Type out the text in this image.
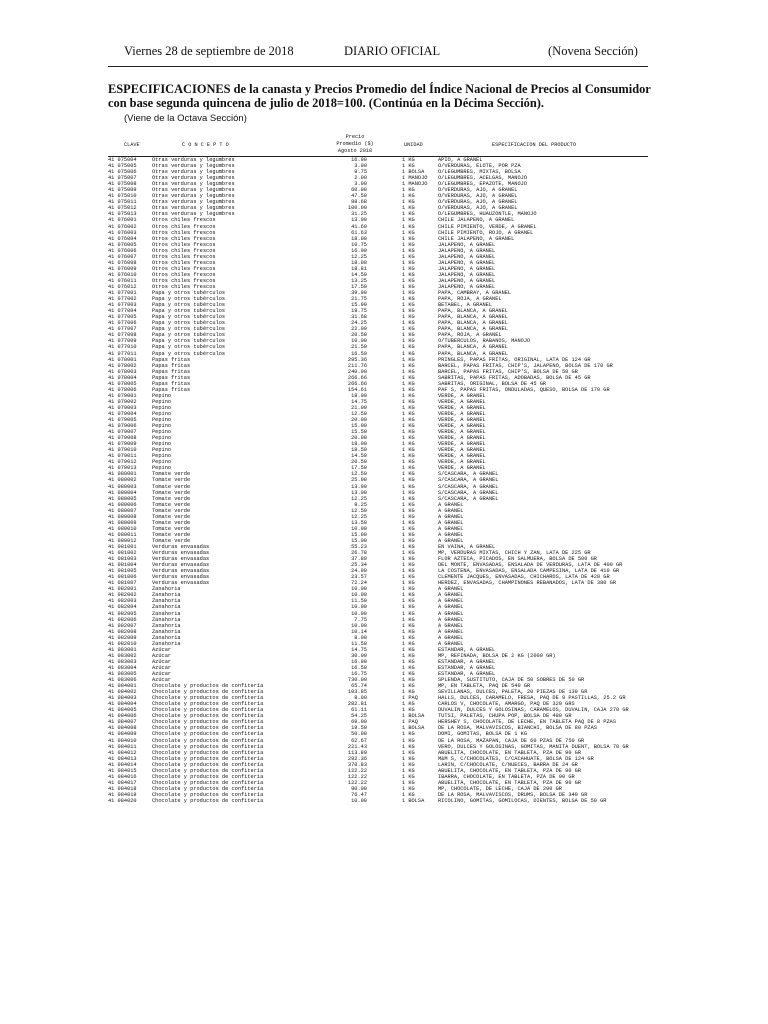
Viernes 28 de septiembre de 2018	DIARIO OFICIAL	(Novena Sección)
ESPECIFICACIONES de la canasta y Precios Promedio del Índice Nacional de Precios al Consumidor con base segunda quincena de julio de 2018=100. (Continúa en la Décima Sección).
(Viene de la Octava Sección)
CLAVE	C O N C E P T O
Precio
Promedio ($)
Agosto 2018
UNIDAD	ESPECIFICACION DEL PRODUCTO
41 075004	Otras verduras y legumbres	16.90	1 KG	APIO, A GRANEL
41 075005	Otras verduras y legumbres	3.00	1 KG	O/VERDURAS, ELOTE, POR PZA
41 075006	Otras verduras y legumbres	9.75	1 BOLSA	O/LEGUMBRES, MIXTAS, BOLSA
41 075007	Otras verduras y legumbres	2.00	1 MANOJO	O/LEGUMBRES, ACELGAS, MANOJO
41 075008	Otras verduras y legumbres	3.00	1 MANOJO	O/LEGUMBRES, EPAZOTE, MANOJO
41 075009	Otras verduras y legumbres	60.00	1 KG	O/VERDURAS, AJO, A GRANEL
41 075010	Otras verduras y legumbres	47.50	1 KG	O/VERDURAS, AJO, A GRANEL
41 075011	Otras verduras y legumbres	88.68	1 KG	O/VERDURAS, AJO, A GRANEL
41 075012	Otras verduras y legumbres	100.00	1 KG	O/VERDURAS, AJO, A GRANEL
41 075013	Otras verduras y legumbres	31.25	1 KG	O/LEGUMBRES, HUAUZONTLE, MANOJO
41 076001	Otros chiles frescos	13.00	1 KG	CHILE JALAPEÑO, A GRANEL
41 076002	Otros chiles frescos	41.60	1 KG	CHILE PIMIENTO, VERDE, A GRANEL
41 076003	Otros chiles frescos	61.63	1 KG	CHILE PIMIENTO, ROJO, A GRANEL
41 076004	Otros chiles frescos	18.00	1 KG	CHILE JALAPEÑO, A GRANEL
41 076005	Otros chiles frescos	10.75	1 KG	JALAPEÑO, A GRANEL
41 076006	Otros chiles frescos	16.00	1 KG	JALAPEÑO, A GRANEL
41 076007	Otros chiles frescos	12.25	1 KG	JALAPEÑO, A GRANEL
41 076008	Otros chiles frescos	18.00	1 KG	JALAPEÑO, A GRANEL
41 076009	Otros chiles frescos	18.81	1 KG	JALAPEÑO, A GRANEL
41 076010	Otros chiles frescos	14.50	1 KG	JALAPEÑO, A GRANEL
41 076011	Otros chiles frescos	13.25	1 KG	JALAPEÑO, A GRANEL
41 076012	Otros chiles frescos	17.50	1 KG	JALAPEÑO, A GRANEL
41 077001	Papa y otros tubérculos	39.90	1 KG	PAPA, CAMBRAY, A GRANEL
41 077002	Papa y otros tubérculos	21.75	1 KG	PAPA, ROJA, A GRANEL
41 077003	Papa y otros tubérculos	15.90	1 KG	BETABEL, A GRANEL
41 077004	Papa y otros tubérculos	19.75	1 KG	PAPA, BLANCA, A GRANEL
41 077005	Papa y otros tubérculos	31.68	1 KG	PAPA, BLANCA, A GRANEL
41 077006	Papa y otros tubérculos	24.25	1 KG	PAPA, BLANCA, A GRANEL
41 077007	Papa y otros tubérculos	22.00	1 KG	PAPA, BLANCA, A GRANEL
41 077008	Papa y otros tubérculos	20.50	1 KG	PAPA, ROJA, A GRANEL
41 077009	Papa y otros tubérculos	10.00	1 KG	O/TUBERCULOS, RABANOS, MANOJO
41 077010	Papa y otros tubérculos	21.50	1 KG	PAPA, BLANCA, A GRANEL
41 077011	Papa y otros tubérculos	16.50	1 KG	PAPA, BLANCA, A GRANEL
41 078001	Papas fritas	295.36	1 KG	PRINGLES, PAPAS FRITAS, ORIGINAL, LATA DE 124 GR
41 078002	Papas fritas	211.76	1 KG	BARCEL, PAPAS FRITAS, CHIP'S, JALAPEÑO, BOLSA DE 170 GR
41 078003	Papas fritas	240.00	1 KG	BARCEL, PAPAS FRITAS, CHIP'S, BOLSA DE 50 GR
41 078004	Papas fritas	266.66	1 KG	SABRITAS, PAPAS FRITAS, ADOBADAS, BOLSA DE 45 GR
41 078005	Papas fritas	266.66	1 KG	SABRITAS, ORIGINAL, BOLSA DE 45 GR
41 078006	Papas fritas	154.61	1 KG	PAF S, PAPAS FRITAS, ONDULADAS, QUESO, BOLSA DE 170 GR
41 079001	Pepino	18.00	1 KG	VERDE, A GRANEL
41 079002	Pepino	14.75	1 KG	VERDE, A GRANEL
41 079003	Pepino	21.00	1 KG	VERDE, A GRANEL
41 079004	Pepino	12.50	1 KG	VERDE, A GRANEL
41 079005	Pepino	20.00	1 KG	VERDE, A GRANEL
41 079006	Pepino	15.00	1 KG	VERDE, A GRANEL
41 079007	Pepino	15.50	1 KG	VERDE, A GRANEL
41 079008	Pepino	20.00	1 KG	VERDE, A GRANEL
41 079009	Pepino	18.00	1 KG	VERDE, A GRANEL
41 079010	Pepino	18.50	1 KG	VERDE, A GRANEL
41 079011	Pepino	14.50	1 KG	VERDE, A GRANEL
41 079012	Pepino	20.50	1 KG	VERDE, A GRANEL
41 079013	Pepino	17.50	1 KG	VERDE, A GRANEL
41 080001	Tomate verde	12.50	1 KG	S/CASCARA, A GRANEL
41 080002	Tomate verde	25.90	1 KG	S/CASCARA, A GRANEL
41 080003	Tomate verde	13.00	1 KG	S/CASCARA, A GRANEL
41 080004	Tomate verde	13.00	1 KG	S/CASCARA, A GRANEL
41 080005	Tomate verde	12.25	1 KG	S/CASCARA, A GRANEL
41 080006	Tomate verde	9.25	1 KG	A GRANEL
41 080007	Tomate verde	12.50	1 KG	A GRANEL
41 080008	Tomate verde	12.25	1 KG	A GRANEL
41 080009	Tomate verde	13.50	1 KG	A GRANEL
41 080010	Tomate verde	10.00	1 KG	A GRANEL
41 080011	Tomate verde	15.00	1 KG	A GRANEL
41 080012	Tomate verde	15.00	1 KG	A GRANEL
41 081001	Verduras envasadas	55.23	1 KG	EN VAINA, A GRANEL
41 081002	Verduras envasadas	26.78	1 KG	MP, VERDURAS MIXTAS, CHICH Y ZAN, LATA DE 225 GR
41 081003	Verduras envasadas	37.80	1 KG	FLOR AZTECA, PICADOS, EN SALMUERA, BOLSA DE 500 GR
41 081004	Verduras envasadas	25.34	1 KG	DEL MONTE, ENVASADAS, ENSALADA DE VERDURAS, LATA DE 400 GR
41 081005	Verduras envasadas	24.00	1 KG	LA COSTEÑA, ENVASADAS, ENSALADA CAMPESINA, LATA DE 410 GR
41 081006	Verduras envasadas	23.57	1 KG	CLEMENTE JACQUES, ENVASADAS, CHICHAROS, LATA DE 420 GR
41 081007	Verduras envasadas	72.24	1 KG	HERDEZ, ENVASADAS, CHAMPIÑONES REBANADOS, LATA DE 380 GR
41 082001	Zanahoria	10.00	1 KG	A GRANEL
41 082002	Zanahoria	10.00	1 KG	A GRANEL
41 082003	Zanahoria	11.50	1 KG	A GRANEL
41 082004	Zanahoria	10.00	1 KG	A GRANEL
41 082005	Zanahoria	10.00	1 KG	A GRANEL
41 082006	Zanahoria	7.75	1 KG	A GRANEL
41 082007	Zanahoria	10.00	1 KG	A GRANEL
41 082008	Zanahoria	10.14	1 KG	A GRANEL
41 082009	Zanahoria	8.00	1 KG	A GRANEL
41 082010	Zanahoria	11.50	1 KG	A GRANEL
41 083001	Azúcar	14.75	1 KG	ESTANDAR, A GRANEL
41 083002	Azúcar	30.00	1 KG	MP, REFINADA, BOLSA DE 2 KG (2000 GR)
41 083003	Azúcar	16.00	1 KG	ESTANDAR, A GRANEL
41 083004	Azúcar	16.50	1 KG	ESTANDAR, A GRANEL
41 083005	Azúcar	16.75	1 KG	ESTANDAR, A GRANEL
41 083006	Azúcar	730.00	1 KG	SPLENDA, SUSTITUTO, CAJA DE 50 SOBRES DE 50 GR
41 084001	Chocolate y productos de confitería	65.74	1 KG	MP, EN TABLETA, PAQ DE 540 GR
41 084002	Chocolate y productos de confitería	103.85	1 KG	SEVILLANAS, DULCES, PALETA, 20 PIEZAS DE 130 GR
41 084003	Chocolate y productos de confitería	8.00	1 PAQ	HALLS, DULCES, CARAMELO, FRESA, PAQ DE 9 PASTILLAS, 25.2 GR
41 084004	Chocolate y productos de confitería	282.81	1 KG	CARLOS V, CHOCOLATE, AMARGO, PAQ DE 320 GRS
41 084005	Chocolate y productos de confitería	61.11	1 KG	DUVALIN, DULCES Y GOLOSINAS, CARAMELOS, DUVALIN, CAJA 270 GR
41 084006	Chocolate y productos de confitería	54.25	1 BOLSA	TUTSI, PALETAS, CHUPA POP, BOLSA DE 480 GR
41 084007	Chocolate y productos de confitería	69.00	1 PAQ	HERSHEY S, CHOCOLATE, DE LECHE, EN TABLETA PAQ DE 8 PZAS
41 084008	Chocolate y productos de confitería	19.50	1 BOLSA	DE LA ROSA, MALVAVISCOS, BIANCHI, BOLSA DE 80 PZAS
41 084009	Chocolate y productos de confitería	50.00	1 KG	DOMI, GOMITAS, BOLSA DE 1 KG
41 084010	Chocolate y productos de confitería	62.67	1 KG	DE LA ROSA, MAZAPAN, CAJA DE 60 PZAS DE 750 GR
41 084011	Chocolate y productos de confitería	221.43	1 KG	VERO, DULCES Y GOLOSINAS, GOMITAS, MANITA DUENT, BOLSA 70 GR
41 084012	Chocolate y productos de confitería	113.89	1 KG	ABUELITA, CHOCOLATE, EN TABLETA, PZA DE 90 GR
41 084013	Chocolate y productos de confitería	292.36	1 KG	M&M S, C/CHOCOLATES, C/CACAHUATE, BOLSA DE 124 GR
41 084014	Chocolate y productos de confitería	370.83	1 KG	LARIN, C/CHOCOLATE, C/NUECES, BARRA DE 24 GR
41 084015	Chocolate y productos de confitería	122.22	1 KG	ABUELITA, CHOCOLATE, EN TABLETA, PZA DE 90 GR
41 084016	Chocolate y productos de confitería	122.22	1 KG	IBARRA, CHOCOLATE, EN TABLETA, PZA DE 90 GR
41 084017	Chocolate y productos de confitería	122.22	1 KG	ABUELITA, CHOCOLATE, EN TABLETA, PZA DE 90 GR
41 084018	Chocolate y productos de confitería	90.00	1 KG	MP, CHOCOLATE, DE LECHE, CAJA DE 200 GR
41 084019	Chocolate y productos de confitería	76.47	1 KG	DE LA ROSA, MALVAVISCOS, DRUMS, BOLSA DE 340 GR
41 084020	Chocolate y productos de confitería	10.00	1 BOLSA	RICOLINO, GOMITAS, GOMILOCAS, DIENTES, BOLSA DE 50 GR
